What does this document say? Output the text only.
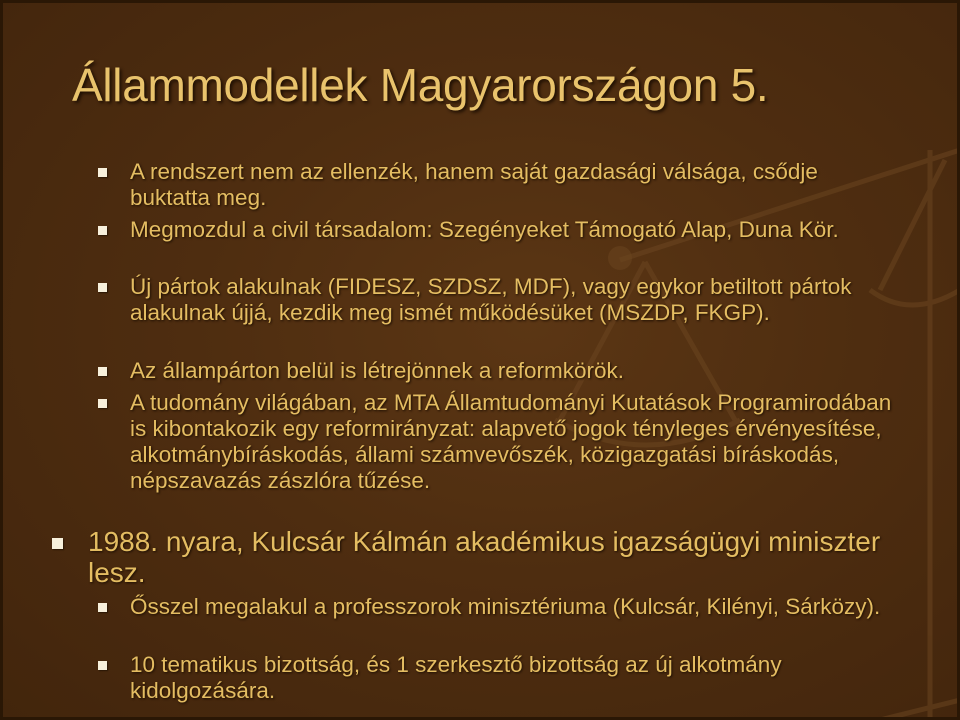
Állammodellek Magyarországon 5.
A rendszert nem az ellenzék, hanem saját gazdasági válsága, csődje buktatta meg.
Megmozdul a civil társadalom: Szegényeket Támogató Alap, Duna Kör.
Új pártok alakulnak (FIDESZ, SZDSZ, MDF), vagy egykor betiltott pártok alakulnak újjá, kezdik meg ismét működésüket (MSZDP, FKGP).
Az állampárton belül is létrejönnek a reformkörök.
A tudomány világában, az MTA Államtudományi Kutatások Programirodában is kibontakozik egy reformirányzat: alapvető jogok tényleges érvényesítése, alkotmánybíráskodás, állami számvevőszék, közigazgatási bíráskodás, népszavazás zászlóra tűzése.
1988. nyara, Kulcsár Kálmán akadémikus igazságügyi miniszter lesz.
Ősszel megalakul a professzorok minisztériuma (Kulcsár, Kilényi, Sárközy).
10 tematikus bizottság, és 1 szerkesztő bizottság az új alkotmány kidolgozására.
